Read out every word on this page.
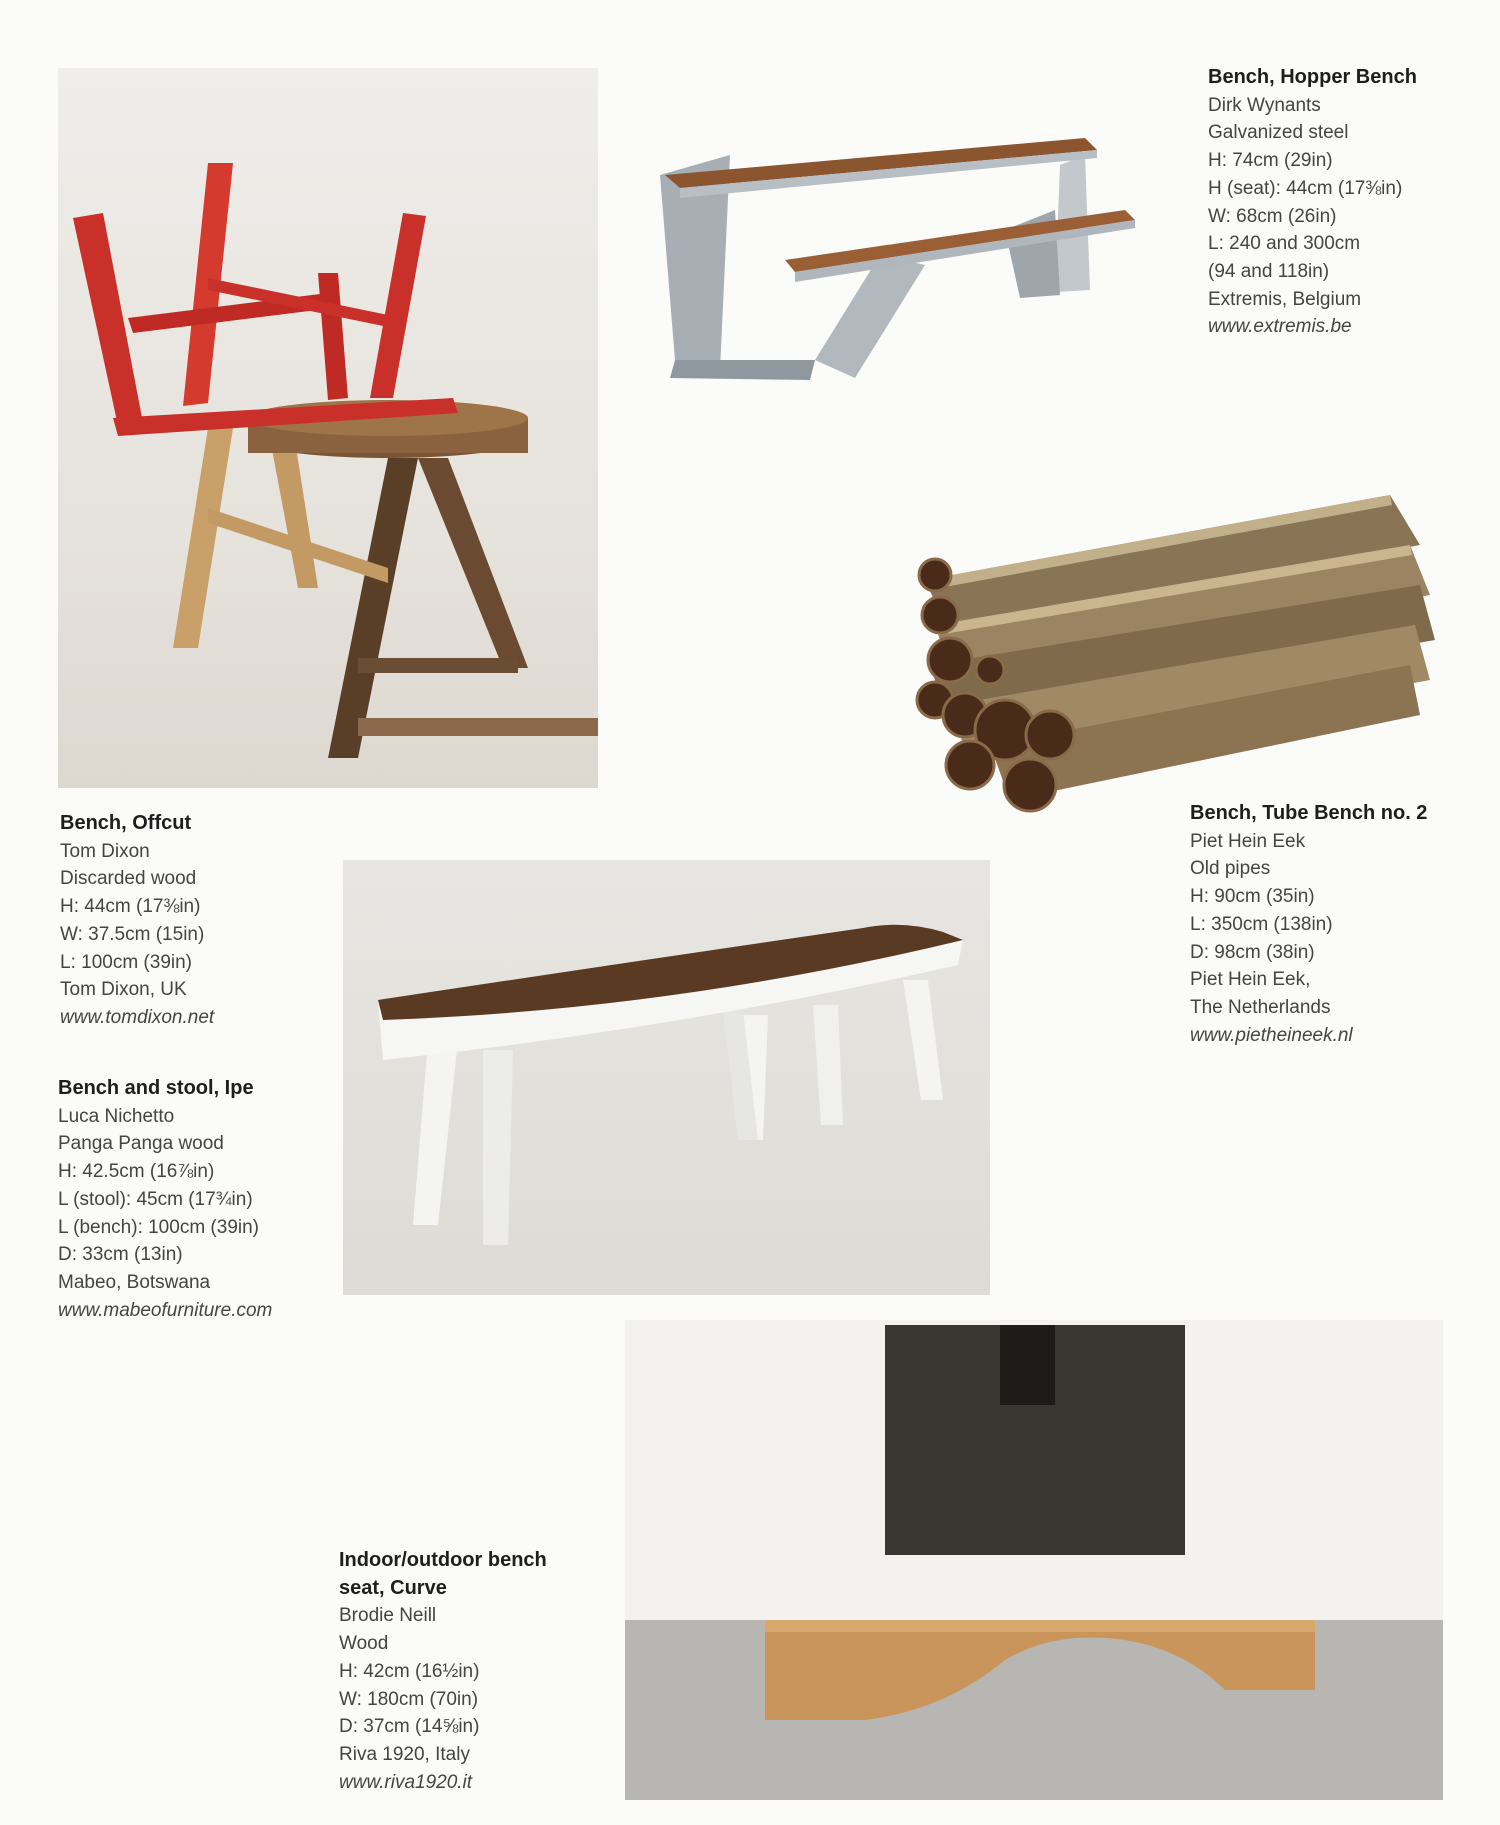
Bench, Hopper Bench
Dirk Wynants
Galvanized steel
H: 74cm (29in)
H (seat): 44cm (17⅜in)
W: 68cm (26in)
L: 240 and 300cm
(94 and 118in)
Extremis, Belgium
www.extremis.be
Bench, Offcut
Tom Dixon
Discarded wood
H: 44cm (17⅜in)
W: 37.5cm (15in)
L: 100cm (39in)
Tom Dixon, UK
www.tomdixon.net
Bench, Tube Bench no. 2
Piet Hein Eek
Old pipes
H: 90cm (35in)
L: 350cm (138in)
D: 98cm (38in)
Piet Hein Eek,
The Netherlands
www.pietheineek.nl
Bench and stool, Ipe
Luca Nichetto
Panga Panga wood
H: 42.5cm (16⅞in)
L (stool): 45cm (17¾in)
L (bench): 100cm (39in)
D: 33cm (13in)
Mabeo, Botswana
www.mabeofurniture.com
Indoor/outdoor bench
seat, Curve
Brodie Neill
Wood
H: 42cm (16½in)
W: 180cm (70in)
D: 37cm (14⅝in)
Riva 1920, Italy
www.riva1920.it
